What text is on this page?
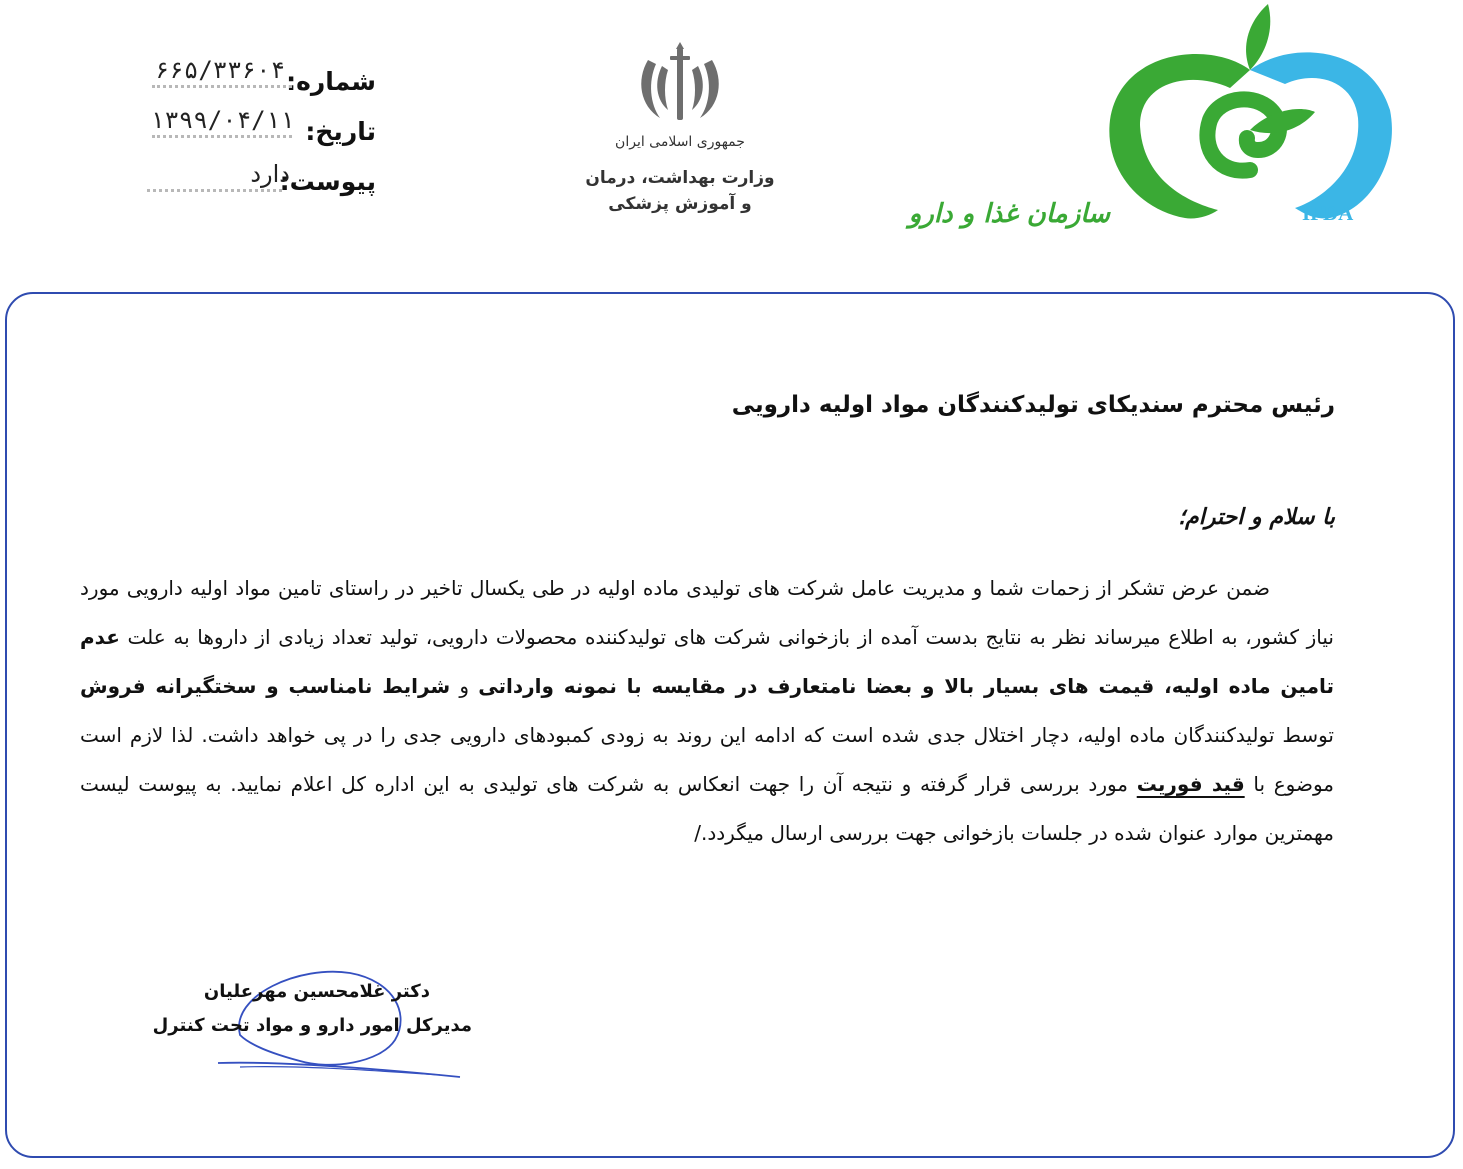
شماره:
۶۶۵/۳۳۶۰۴
تاریخ:
۱۳۹۹/۰۴/۱۱
پیوست:
دارد
جمهوری اسلامی ایران
وزارت بهداشت، درمان
و آموزش پزشکی	سازمان غذا و دارو	IFDA
رئیس محترم سندیکای تولیدکنندگان مواد اولیه دارویی
با سلام و احترام؛
ضمن عرض تشکر از زحمات شما و مدیریت عامل شرکت های تولیدی ماده اولیه در طی یکسال تاخیر در راستای تامین مواد اولیه دارویی مورد نیاز کشور، به اطلاع میرساند نظر به نتایج بدست آمده از بازخوانی شرکت های تولیدکننده محصولات دارویی، تولید تعداد زیادی از داروها به علت عدم تامین ماده اولیه، قیمت های بسیار بالا و بعضا نامتعارف در مقایسه با نمونه وارداتی و شرایط نامناسب و سختگیرانه فروش توسط تولیدکنندگان ماده اولیه، دچار اختلال جدی شده است که ادامه این روند به زودی کمبودهای دارویی جدی را در پی خواهد داشت. لذا لازم است موضوع با قید فوریت مورد بررسی قرار گرفته و نتیجه آن را جهت انعکاس به شرکت های تولیدی به این اداره کل اعلام نمایید. به پیوست لیست مهمترین موارد عنوان شده در جلسات بازخوانی جهت بررسی ارسال میگردد./
دکتر غلامحسین مهرعلیان
مدیرکل امور دارو و مواد تحت کنترل
